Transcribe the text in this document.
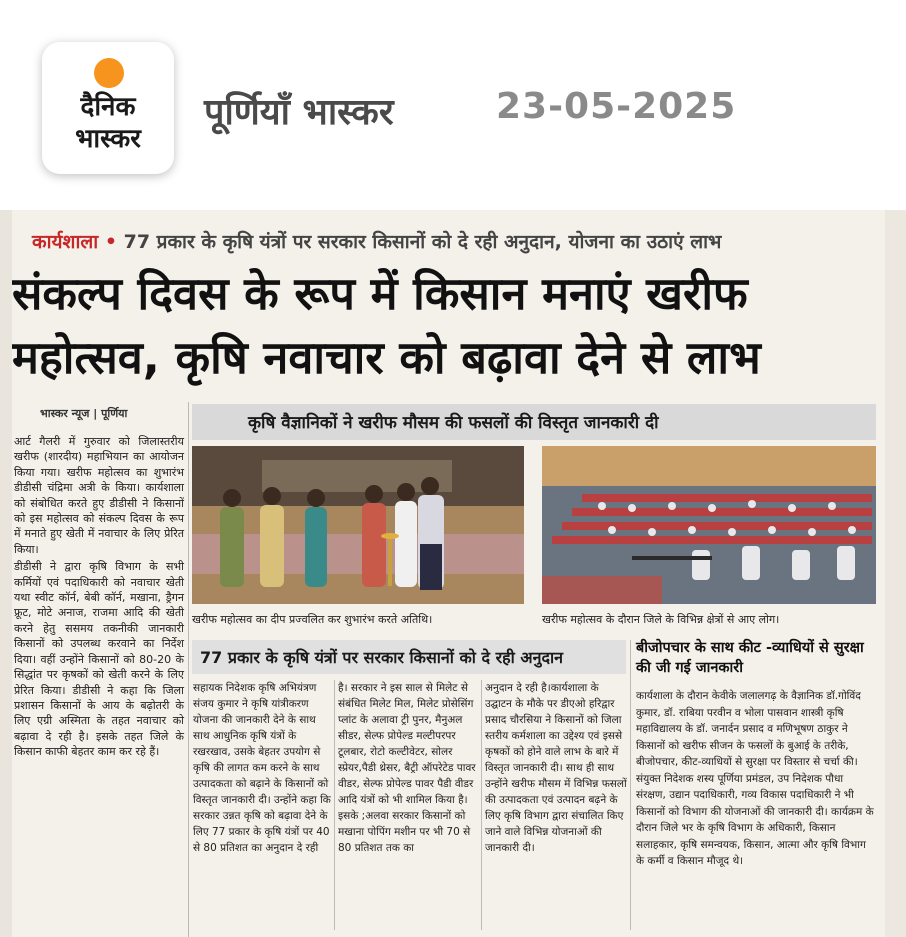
दैनिक
भास्कर
पूर्णियाँ भास्कर	23-05-2025
कार्यशाला • 77 प्रकार के कृषि यंत्रों पर सरकार किसानों को दे रही अनुदान, योजना का उठाएं लाभ
संकल्प दिवस के रूप में किसान मनाएं खरीफ
महोत्सव, कृषि नवाचार को बढ़ावा देने से लाभ
भास्कर न्यूज | पूर्णिया

आर्ट गैलरी में गुरुवार को जिलास्तरीय खरीफ (शारदीय) महाभियान का आयोजन किया गया। खरीफ महोत्सव का शुभारंभ डीडीसी चंद्रिमा अत्री के किया। कार्यशाला को संबोधित करते हुए डीडीसी ने किसानों को इस महोत्सव को संकल्प दिवस के रूप में मनाते हुए खेती में नवाचार के लिए प्रेरित किया।

डीडीसी ने द्वारा कृषि विभाग के सभी कर्मियों एवं पदाधिकारी को नवाचार खेती यथा स्वीट कॉर्न, बेबी कॉर्न, मखाना, ड्रैगन फ्रूट, मोटे अनाज, राजमा आदि की खेती करने हेतु ससमय तकनीकी जानकारी किसानों को उपलब्ध करवाने का निर्देश दिया। वहीं उन्होंने किसानों को 80-20 के सिद्धांत पर कृषकों को खेती करने के लिए प्रेरित किया। डीडीसी ने कहा कि जिला प्रशासन किसानों के आय के बढ़ोतरी के लिए एग्री अस्मिता के तहत नवाचार को बढ़ावा दे रही है। इसके तहत जिले के किसान काफी बेहतर काम कर रहे हैं।

कृषि वैज्ञानिकों ने खरीफ मौसम की फसलों की विस्तृत जानकारी दी
खरीफ महोत्सव का दीप प्रज्वलित कर शुभारंभ करते अतिथि।	खरीफ महोत्सव के दौरान जिले के विभिन्न क्षेत्रों से आए लोग।
77 प्रकार के कृषि यंत्रों पर सरकार किसानों को दे रही अनुदान
सहायक निदेशक कृषि अभियंत्रण संजय कुमार ने कृषि यांत्रीकरण योजना की जानकारी देने के साथ साथ आधुनिक कृषि यंत्रों के रखरखाव, उसके बेहतर उपयोग से कृषि की लागत कम करने के साथ उत्पादकता को बढ़ाने के किसानों को विस्तृत जानकारी दी। उन्होंने कहा कि सरकार उन्नत कृषि को बढ़ावा देने के लिए 77 प्रकार के कृषि यंत्रों पर 40 से 80 प्रतिशत का अनुदान दे रही
है। सरकार ने इस साल से मिलेट से संबंधित मिलेट मिल, मिलेट प्रोसेसिंग प्लांट के अलावा ट्री पुनर, मैनुअल सीडर, सेल्फ प्रोपेल्ड मल्टीपरपर टूलबार, रोटो कल्टीवेटर, सोलर स्प्रेयर,पैडी थ्रेसर, बैट्री ऑपरेटेड पावर वीडर, सेल्फ प्रोपेल्ड पावर पैडी वीडर आदि यंत्रों को भी शामिल किया है। इसके ;अलवा सरकार किसानों को मखाना पोपिंग मशीन पर भी 70 से 80 प्रतिशत तक का
अनुदान दे रही है।कार्यशाला के उद्घाटन के मौके पर डीएओ हरिद्वार प्रसाद चौरसिया ने किसानों को जिला स्तरीय कर्मशाला का उद्देश्य एवं इससे कृषकों को होने वाले लाभ के बारे में विस्तृत जानकारी दी। साथ ही साथ उन्होंने खरीफ मौसम में विभिन्न फसलों की उत्पादकता एवं उत्पादन बढ़ने के लिए कृषि विभाग द्वारा संचालित किए जाने वाले विभिन्न योजनाओं की जानकारी दी।
बीजोपचार के साथ कीट -व्याधियों से सुरक्षा की जी गई जानकारी
कार्यशाला के दौरान केवीके जलालगढ़ के वैज्ञानिक डॉ.गोविंद कुमार, डॉ. राबिया परवीन व भोला पासवान शास्त्री कृषि महाविद्यालय के डॉ. जनार्दन प्रसाद व मणिभूषण ठाकुर ने किसानों को खरीफ सीजन के फसलों के बुआई के तरीके, बीजोपचार, कीट-व्याधियों से सुरक्षा पर विस्तार से चर्चा की। संयुक्त निदेशक शस्य पूर्णिया प्रमंडल, उप निदेशक पौधा संरक्षण, उद्यान पदाधिकारी, गव्य विकास पदाधिकारी ने भी किसानों को विभाग की योजनाओं की जानकारी दी। कार्यक्रम के दौरान जिले भर के कृषि विभाग के अधिकारी, किसान सलाहकार, कृषि समन्वयक, किसान, आत्मा और कृषि विभाग के कर्मी व किसान मौजूद थे।
